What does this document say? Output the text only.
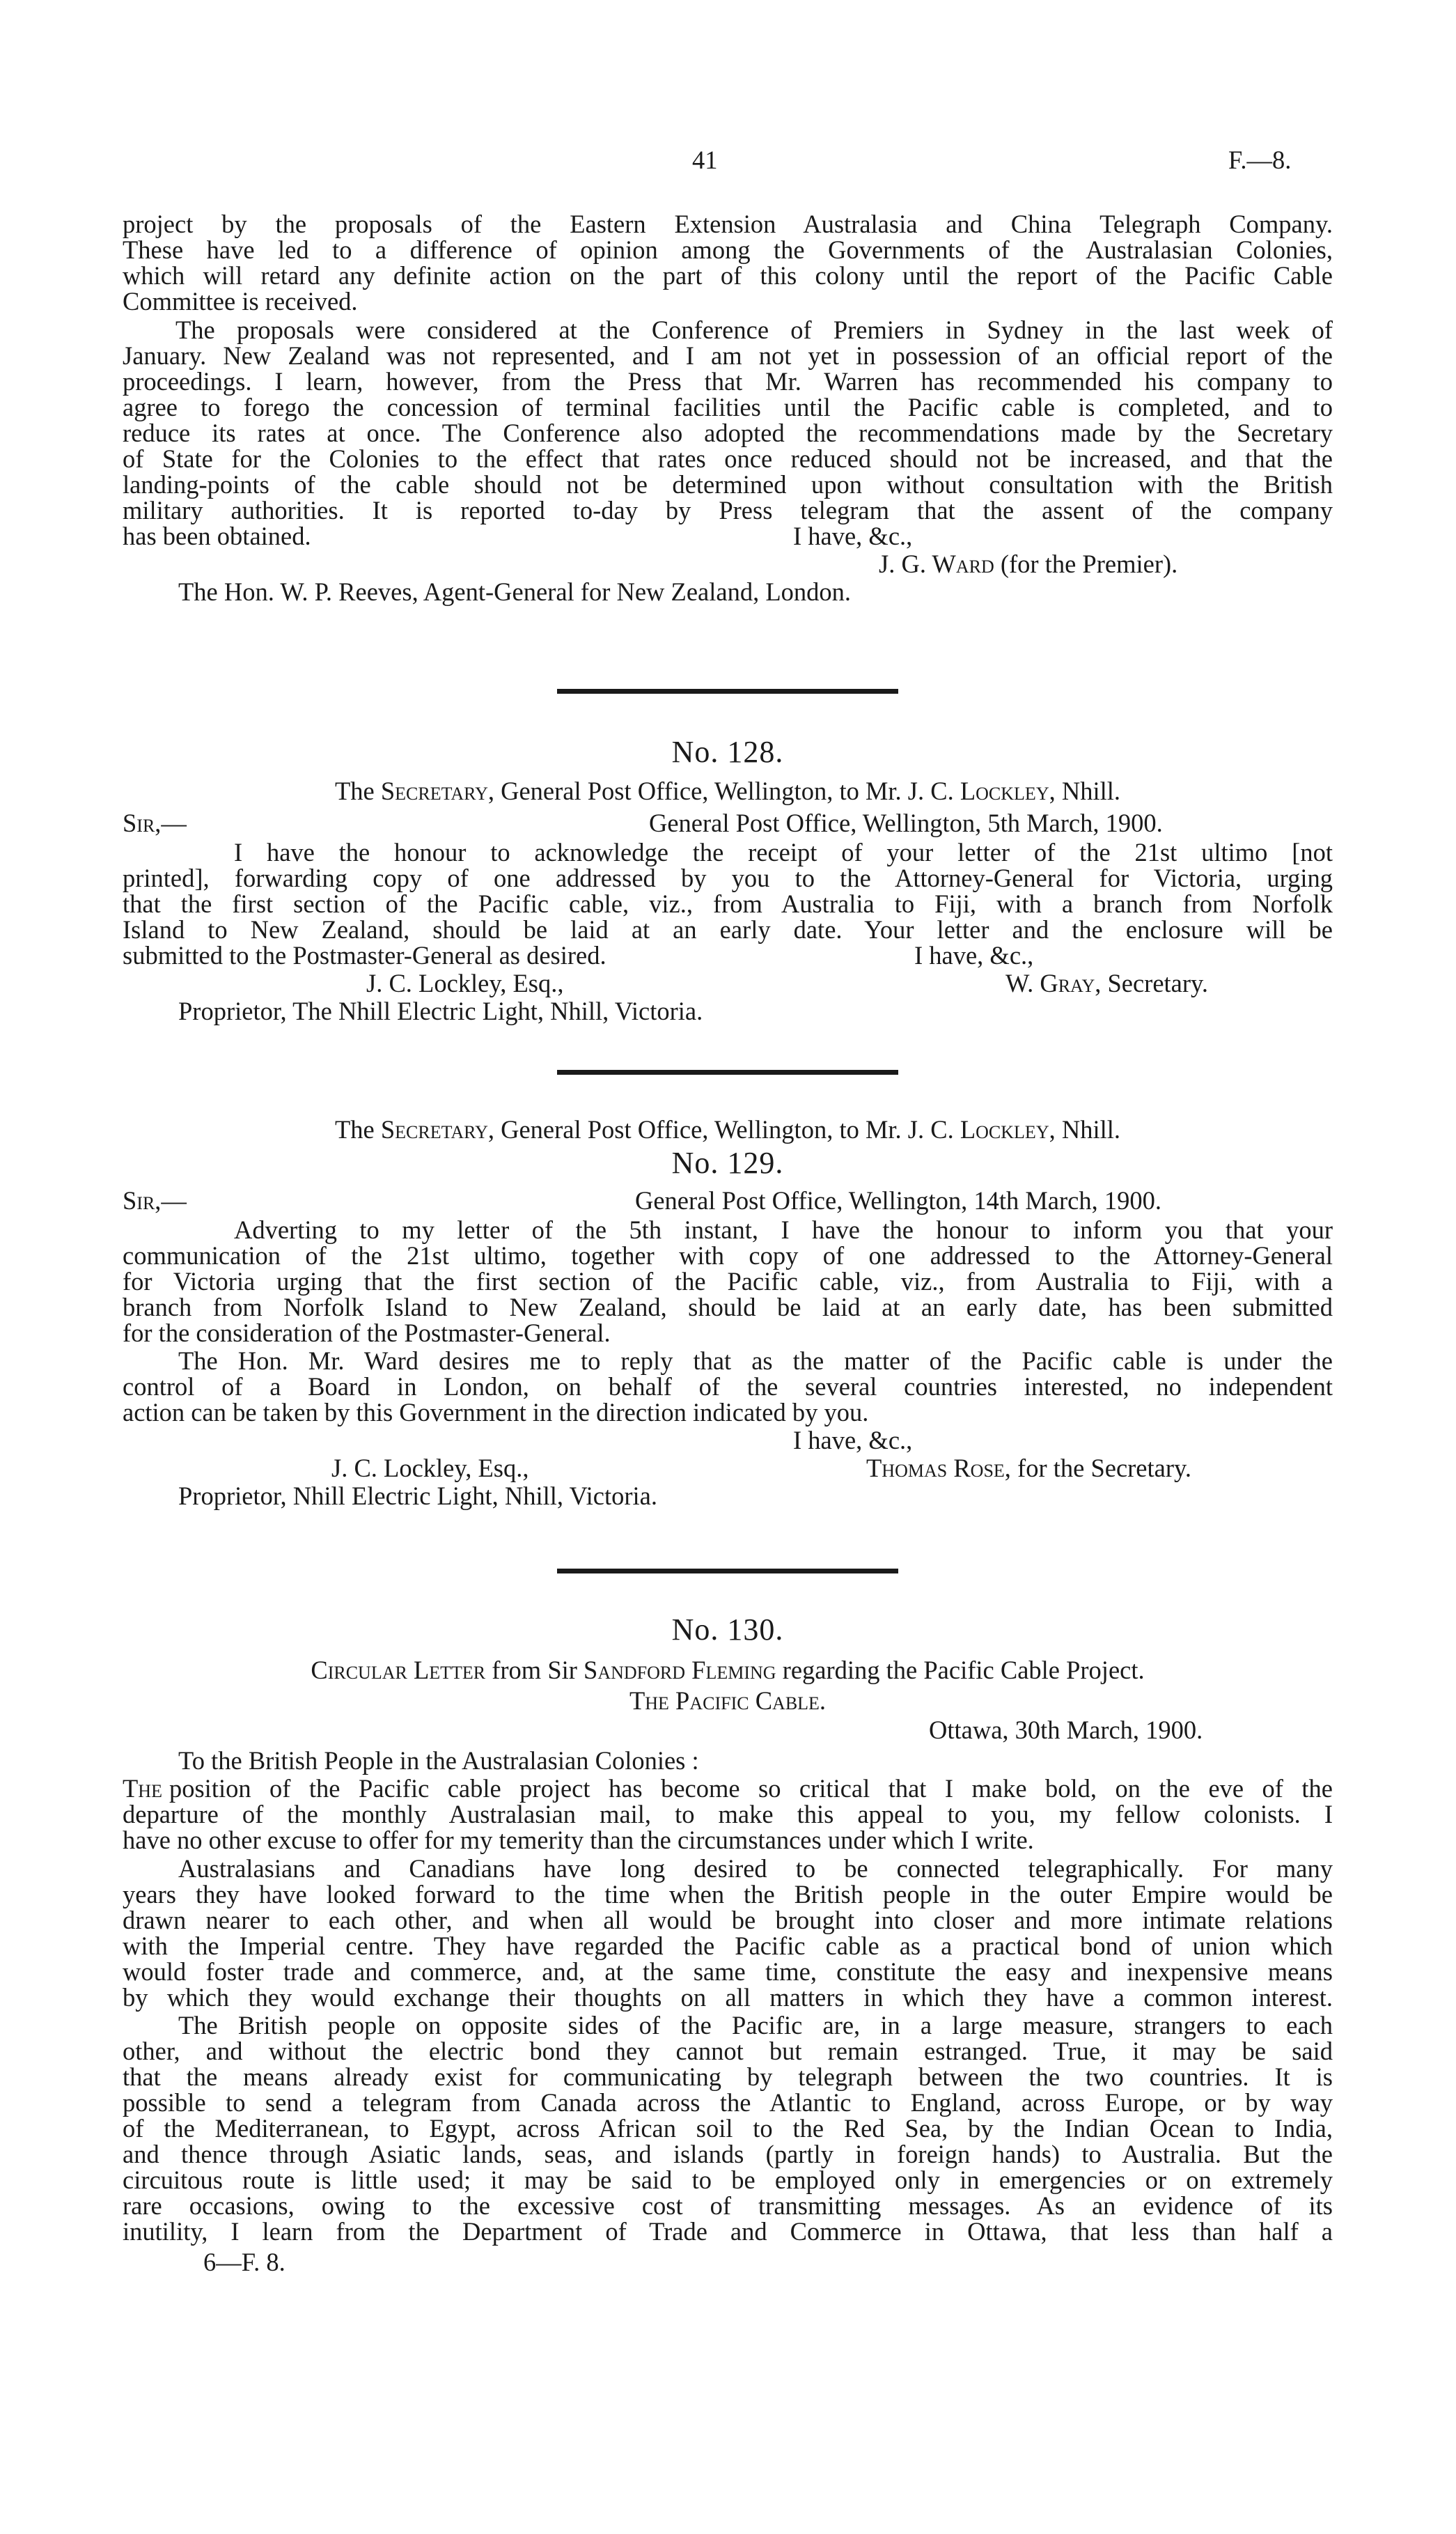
41	F.—8.
project by the proposals of the Eastern Extension Australasia and China Telegraph Company.
These have led to a difference of opinion among the Governments of the Australasian Colonies,
which will retard any definite action on the part of this colony until the report of the Pacific Cable
Committee is received.
The proposals were considered at the Conference of Premiers in Sydney in the last week of
January. New Zealand was not represented, and I am not yet in possession of an official report of the
proceedings. I learn, however, from the Press that Mr. Warren has recommended his company to
agree to forego the concession of terminal facilities until the Pacific cable is completed, and to
reduce its rates at once. The Conference also adopted the recommendations made by the Secretary
of State for the Colonies to the effect that rates once reduced should not be increased, and that the
landing-points of the cable should not be determined upon without consultation with the British
military authorities. It is reported to-day by Press telegram that the assent of the company
has been obtained.	I have, &c.,
J. G. Ward (for the Premier).
The Hon. W. P. Reeves, Agent-General for New Zealand, London.
No. 128.
The Secretary, General Post Office, Wellington, to Mr. J. C. Lockley, Nhill.
Sir,—	General Post Office, Wellington, 5th March, 1900.
I have the honour to acknowledge the receipt of your letter of the 21st ultimo [not
printed], forwarding copy of one addressed by you to the Attorney-General for Victoria, urging
that the first section of the Pacific cable, viz., from Australia to Fiji, with a branch from Norfolk
Island to New Zealand, should be laid at an early date. Your letter and the enclosure will be
submitted to the Postmaster-General as desired.	I have, &c.,
J. C. Lockley, Esq.,	W. Gray, Secretary.
Proprietor, The Nhill Electric Light, Nhill, Victoria.
The Secretary, General Post Office, Wellington, to Mr. J. C. Lockley, Nhill.
No. 129.
Sir,—	General Post Office, Wellington, 14th March, 1900.
Adverting to my letter of the 5th instant, I have the honour to inform you that your
communication of the 21st ultimo, together with copy of one addressed to the Attorney-General
for Victoria urging that the first section of the Pacific cable, viz., from Australia to Fiji, with a
branch from Norfolk Island to New Zealand, should be laid at an early date, has been submitted
for the consideration of the Postmaster-General.
The Hon. Mr. Ward desires me to reply that as the matter of the Pacific cable is under the
control of a Board in London, on behalf of the several countries interested, no independent
action can be taken by this Government in the direction indicated by you.
I have, &c.,
J. C. Lockley, Esq.,	Thomas Rose, for the Secretary.
Proprietor, Nhill Electric Light, Nhill, Victoria.
No. 130.
Circular Letter from Sir Sandford Fleming regarding the Pacific Cable Project.
The Pacific Cable.
Ottawa, 30th March, 1900.
To the British People in the Australasian Colonies :
The position of the Pacific cable project has become so critical that I make bold, on the eve of the
departure of the monthly Australasian mail, to make this appeal to you, my fellow colonists. I
have no other excuse to offer for my temerity than the circumstances under which I write.
Australasians and Canadians have long desired to be connected telegraphically. For many
years they have looked forward to the time when the British people in the outer Empire would be
drawn nearer to each other, and when all would be brought into closer and more intimate relations
with the Imperial centre. They have regarded the Pacific cable as a practical bond of union which
would foster trade and commerce, and, at the same time, constitute the easy and inexpensive means
by which they would exchange their thoughts on all matters in which they have a common interest.
The British people on opposite sides of the Pacific are, in a large measure, strangers to each
other, and without the electric bond they cannot but remain estranged. True, it may be said
that the means already exist for communicating by telegraph between the two countries. It is
possible to send a telegram from Canada across the Atlantic to England, across Europe, or by way
of the Mediterranean, to Egypt, across African soil to the Red Sea, by the Indian Ocean to India,
and thence through Asiatic lands, seas, and islands (partly in foreign hands) to Australia. But the
circuitous route is little used; it may be said to be employed only in emergencies or on extremely
rare occasions, owing to the excessive cost of transmitting messages. As an evidence of its
inutility, I learn from the Department of Trade and Commerce in Ottawa, that less than half a
6—F. 8.
